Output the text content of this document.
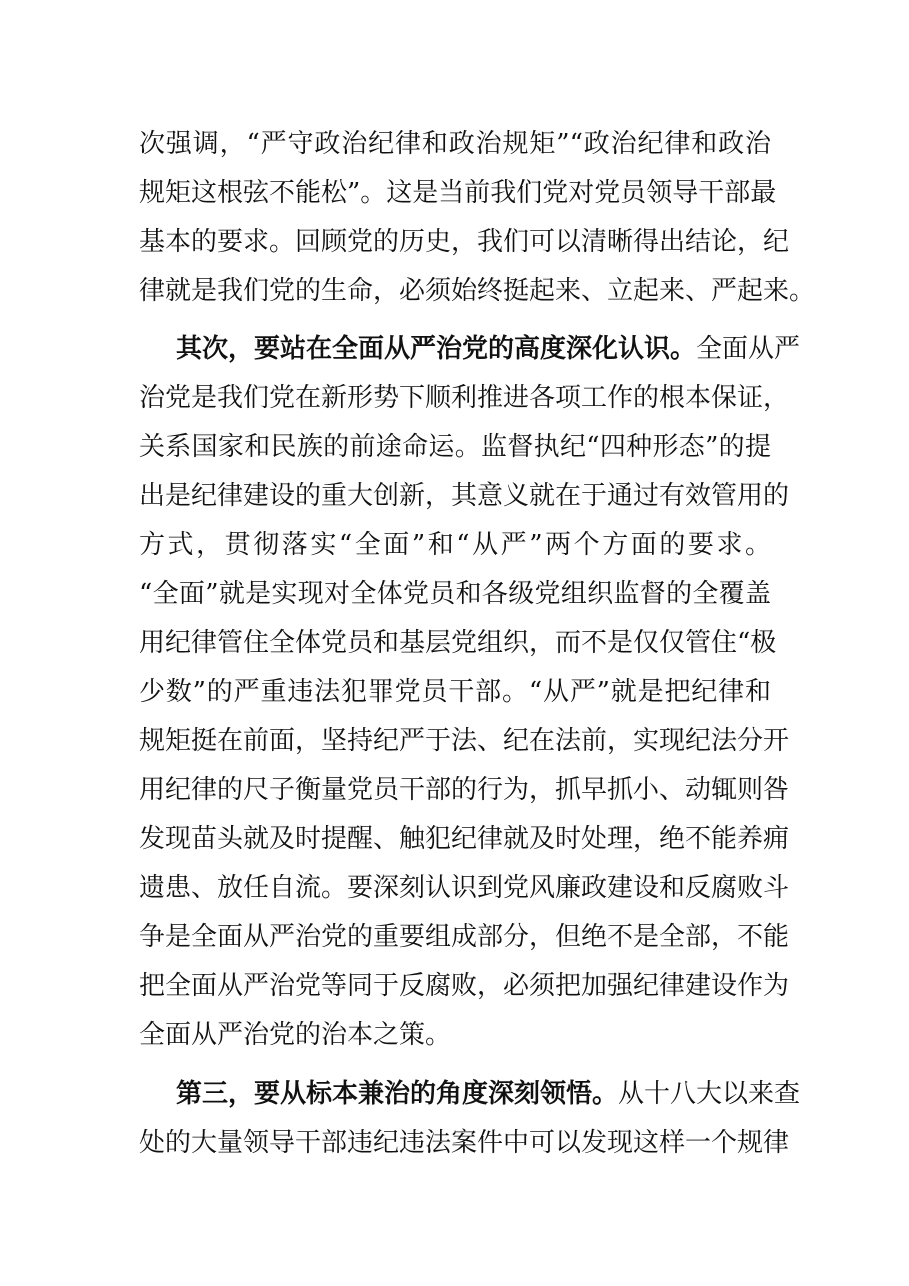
次强调，“严守政治纪律和政治规矩”“政治纪律和政治
规矩这根弦不能松”。这是当前我们党对党员领导干部最
基本的要求。回顾党的历史，我们可以清晰得出结论，纪
律就是我们党的生命，必须始终挺起来、立起来、严起来。
其次，要站在全面从严治党的高度深化认识。全面从严
治党是我们党在新形势下顺利推进各项工作的根本保证，
关系国家和民族的前途命运。监督执纪“四种形态”的提
出是纪律建设的重大创新，其意义就在于通过有效管用的
方式，贯彻落实“全面”和“从严”两个方面的要求。
“全面”就是实现对全体党员和各级党组织监督的全覆盖
用纪律管住全体党员和基层党组织，而不是仅仅管住“极
少数”的严重违法犯罪党员干部。“从严”就是把纪律和
规矩挺在前面，坚持纪严于法、纪在法前，实现纪法分开
用纪律的尺子衡量党员干部的行为，抓早抓小、动辄则咎
发现苗头就及时提醒、触犯纪律就及时处理，绝不能养痈
遗患、放任自流。要深刻认识到党风廉政建设和反腐败斗
争是全面从严治党的重要组成部分，但绝不是全部，不能
把全面从严治党等同于反腐败，必须把加强纪律建设作为
全面从严治党的治本之策。
第三，要从标本兼治的角度深刻领悟。从十八大以来查
处的大量领导干部违纪违法案件中可以发现这样一个规律
